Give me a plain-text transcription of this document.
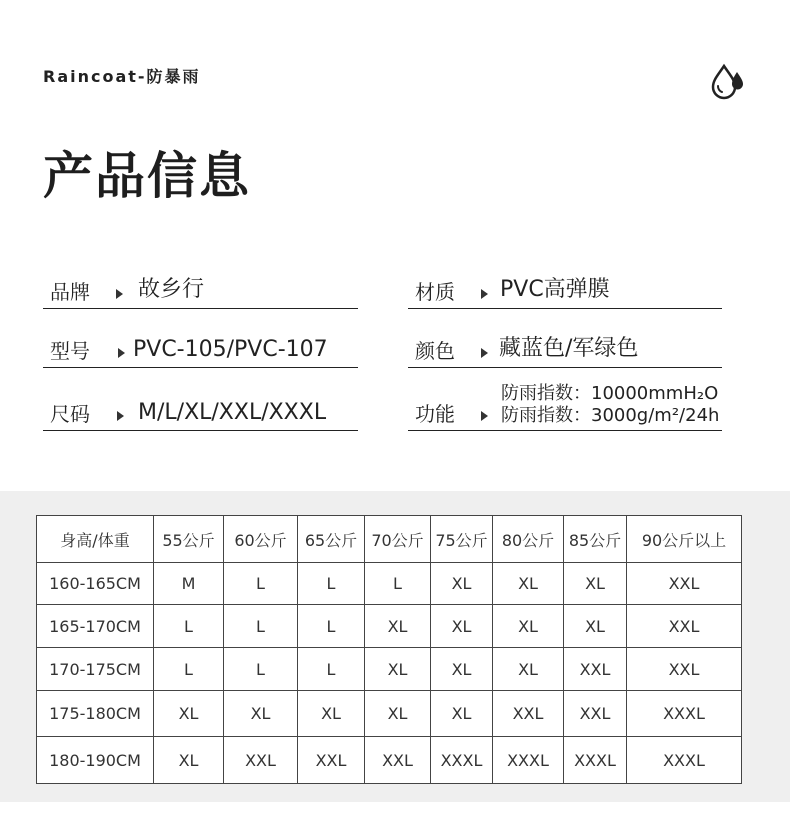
Raincoat-防暴雨
产品信息
品牌 故乡行
型号 PVC-105/PVC-107
尺码 M/L/XL/XXL/XXXL
材质 PVC高弹膜
颜色 藏蓝色/军绿色
功能
防雨指数：10000mmH₂O
防雨指数：3000g/m²/24h
身高/体重	55公斤	60公斤	65公斤	70公斤	75公斤	80公斤	85公斤	90公斤以上
160-165CM	M	L	L	L	XL	XL	XL	XXL
165-170CM	L	L	L	XL	XL	XL	XL	XXL
170-175CM	L	L	L	XL	XL	XL	XXL	XXL
175-180CM	XL	XL	XL	XL	XL	XXL	XXL	XXXL
180-190CM	XL	XXL	XXL	XXL	XXXL	XXXL	XXXL	XXXL
